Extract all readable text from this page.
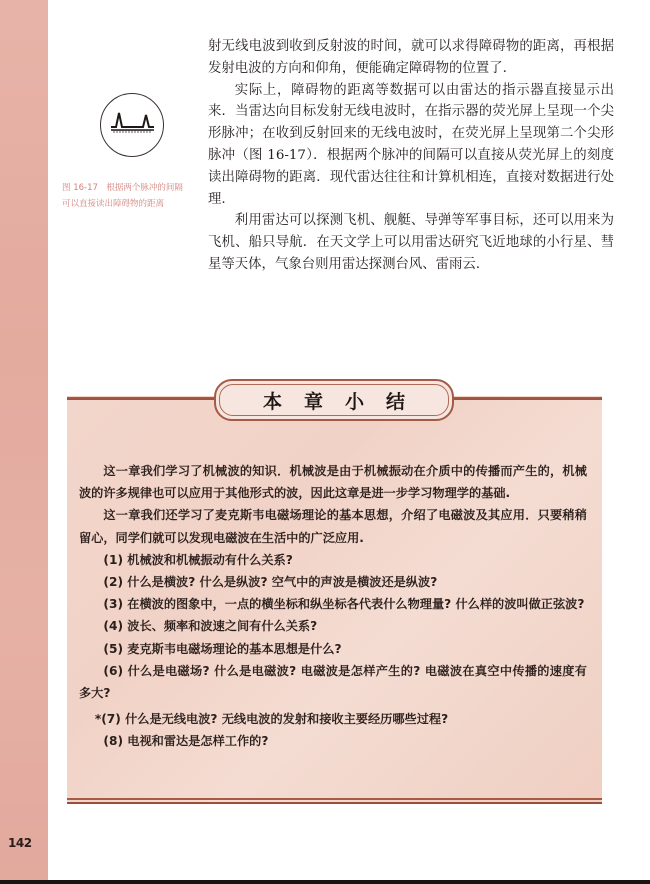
射无线电波到收到反射波的时间，就可以求得障碍物的距离，再根据发射电波的方向和仰角，便能确定障碍物的位置了.

实际上，障碍物的距离等数据可以由雷达的指示器直接显示出来．当雷达向目标发射无线电波时，在指示器的荧光屏上呈现一个尖形脉冲；在收到反射回来的无线电波时，在荧光屏上呈现第二个尖形脉冲（图 16-17）．根据两个脉冲的间隔可以直接从荧光屏上的刻度读出障碍物的距离．现代雷达往往和计算机相连，直接对数据进行处理.

利用雷达可以探测飞机、舰艇、导弹等军事目标，还可以用来为飞机、船只导航．在天文学上可以用雷达研究飞近地球的小行星、彗星等天体，气象台则用雷达探测台风、雷雨云.

图 16-17　根据两个脉冲的间隔
可以直接读出障碍物的距离
本章小结

这一章我们学习了机械波的知识．机械波是由于机械振动在介质中的传播而产生的，机械波的许多规律也可以应用于其他形式的波，因此这章是进一步学习物理学的基础.

这一章我们还学习了麦克斯韦电磁场理论的基本思想，介绍了电磁波及其应用．只要稍稍留心，同学们就可以发现电磁波在生活中的广泛应用.

(1) 机械波和机械振动有什么关系?

(2) 什么是横波? 什么是纵波? 空气中的声波是横波还是纵波?

(3) 在横波的图象中，一点的横坐标和纵坐标各代表什么物理量? 什么样的波叫做正弦波?

(4) 波长、频率和波速之间有什么关系?

(5) 麦克斯韦电磁场理论的基本思想是什么?

(6) 什么是电磁场? 什么是电磁波? 电磁波是怎样产生的? 电磁波在真空中传播的速度有多大?

*(7) 什么是无线电波? 无线电波的发射和接收主要经历哪些过程?

(8) 电视和雷达是怎样工作的?

142
